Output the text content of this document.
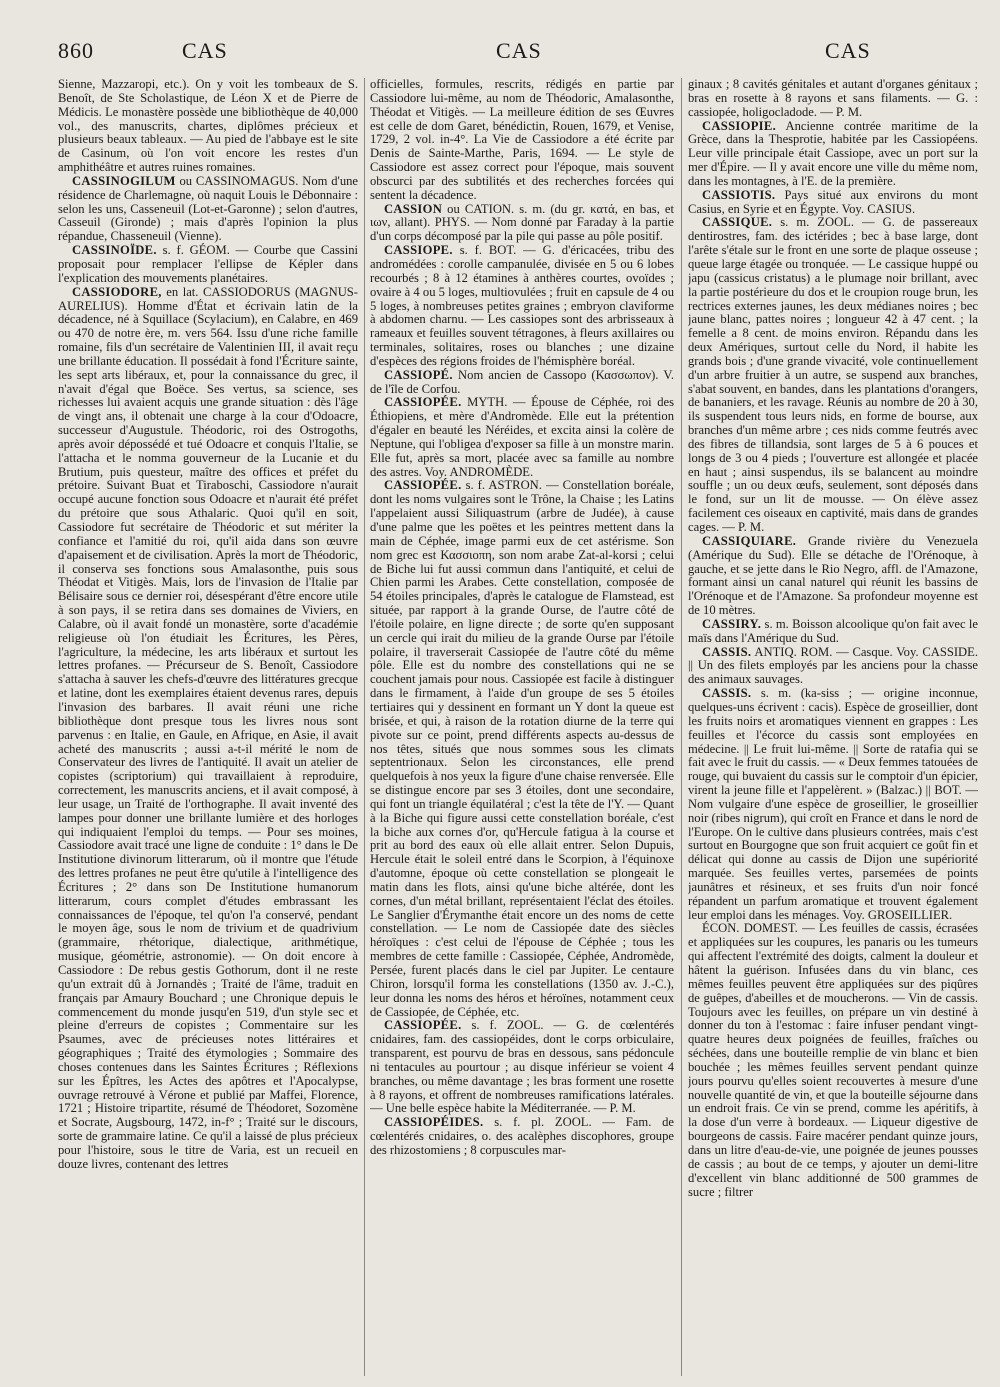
860	CAS	CAS	CAS

Sienne, Mazzaropi, etc.). On y voit les tombeaux de S. Benoît, de Ste Scholastique, de Léon X et de Pierre de Médicis. Le monastère possède une bibliothèque de 40,000 vol., des manuscrits, chartes, diplômes précieux et plusieurs beaux tableaux. — Au pied de l'abbaye est le site de Casinum, où l'on voit encore les restes d'un amphithéâtre et autres ruines romaines.

CASSINOGILUM ou CASSINOMAGUS. Nom d'une résidence de Charlemagne, où naquit Louis le Débonnaire : selon les uns, Casseneuil (Lot-et-Garonne) ; selon d'autres, Casseuil (Gironde) ; mais d'après l'opinion la plus répandue, Chasseneuil (Vienne).

CASSINOÏDE. s. f. GÉOM. — Courbe que Cassini proposait pour remplacer l'ellipse de Képler dans l'explication des mouvements planétaires.

CASSIODORE, en lat. CASSIODORUS (MAGNUS-AURELIUS). Homme d'État et écrivain latin de la décadence, né à Squillace (Scylacium), en Calabre, en 469 ou 470 de notre ère, m. vers 564. Issu d'une riche famille romaine, fils d'un secrétaire de Valentinien III, il avait reçu une brillante éducation. Il possédait à fond l'Écriture sainte, les sept arts libéraux, et, pour la connaissance du grec, il n'avait d'égal que Boëce. Ses vertus, sa science, ses richesses lui avaient acquis une grande situation : dès l'âge de vingt ans, il obtenait une charge à la cour d'Odoacre, successeur d'Augustule. Théodoric, roi des Ostrogoths, après avoir dépossédé et tué Odoacre et conquis l'Italie, se l'attacha et le nomma gouverneur de la Lucanie et du Brutium, puis questeur, maître des offices et préfet du prétoire. Suivant Buat et Tiraboschi, Cassiodore n'aurait occupé aucune fonction sous Odoacre et n'aurait été préfet du prétoire que sous Athalaric. Quoi qu'il en soit, Cassiodore fut secrétaire de Théodoric et sut mériter la confiance et l'amitié du roi, qu'il aida dans son œuvre d'apaisement et de civilisation. Après la mort de Théodoric, il conserva ses fonctions sous Amalasonthe, puis sous Théodat et Vitigès. Mais, lors de l'invasion de l'Italie par Bélisaire sous ce dernier roi, désespérant d'être encore utile à son pays, il se retira dans ses domaines de Viviers, en Calabre, où il avait fondé un monastère, sorte d'académie religieuse où l'on étudiait les Écritures, les Pères, l'agriculture, la médecine, les arts libéraux et surtout les lettres profanes. — Précurseur de S. Benoît, Cassiodore s'attacha à sauver les chefs-d'œuvre des littératures grecque et latine, dont les exemplaires étaient devenus rares, depuis l'invasion des barbares. Il avait réuni une riche bibliothèque dont presque tous les livres nous sont parvenus : en Italie, en Gaule, en Afrique, en Asie, il avait acheté des manuscrits ; aussi a-t-il mérité le nom de Conservateur des livres de l'antiquité. Il avait un atelier de copistes (scriptorium) qui travaillaient à reproduire, correctement, les manuscrits anciens, et il avait composé, à leur usage, un Traité de l'orthographe. Il avait inventé des lampes pour donner une brillante lumière et des horloges qui indiquaient l'emploi du temps. — Pour ses moines, Cassiodore avait tracé une ligne de conduite : 1° dans le De Institutione divinorum litterarum, où il montre que l'étude des lettres profanes ne peut être qu'utile à l'intelligence des Écritures ; 2° dans son De Institutione humanorum litterarum, cours complet d'études embrassant les connaissances de l'époque, tel qu'on l'a conservé, pendant le moyen âge, sous le nom de trivium et de quadrivium (grammaire, rhétorique, dialectique, arithmétique, musique, géométrie, astronomie). — On doit encore à Cassiodore : De rebus gestis Gothorum, dont il ne reste qu'un extrait dû à Jornandès ; Traité de l'âme, traduit en français par Amaury Bouchard ; une Chronique depuis le commencement du monde jusqu'en 519, d'un style sec et pleine d'erreurs de copistes ; Commentaire sur les Psaumes, avec de précieuses notes littéraires et géographiques ; Traité des étymologies ; Sommaire des choses contenues dans les Saintes Écritures ; Réflexions sur les Épîtres, les Actes des apôtres et l'Apocalypse, ouvrage retrouvé à Vérone et publié par Maffei, Florence, 1721 ; Histoire tripartite, résumé de Théodoret, Sozomène et Socrate, Augsbourg, 1472, in-f° ; Traité sur le discours, sorte de grammaire latine. Ce qu'il a laissé de plus précieux pour l'histoire, sous le titre de Varia, est un recueil en douze livres, contenant des lettres

officielles, formules, rescrits, rédigés en partie par Cassiodore lui-même, au nom de Théodoric, Amalasonthe, Théodat et Vitigès. — La meilleure édition de ses Œuvres est celle de dom Garet, bénédictin, Rouen, 1679, et Venise, 1729, 2 vol. in-4°. La Vie de Cassiodore a été écrite par Denis de Sainte-Marthe, Paris, 1694. — Le style de Cassiodore est assez correct pour l'époque, mais souvent obscurci par des subtilités et des recherches forcées qui sentent la décadence.

CASSION ou CATION. s. m. (du gr. κατά, en bas, et ιων, allant). PHYS. — Nom donné par Faraday à la partie d'un corps décomposé par la pile qui passe au pôle positif.

CASSIOPE. s. f. BOT. — G. d'éricacées, tribu des andromédées : corolle campanulée, divisée en 5 ou 6 lobes recourbés ; 8 à 12 étamines à anthères courtes, ovoïdes ; ovaire à 4 ou 5 loges, multiovulées ; fruit en capsule de 4 ou 5 loges, à nombreuses petites graines ; embryon claviforme à abdomen charnu. — Les cassiopes sont des arbrisseaux à rameaux et feuilles souvent tétragones, à fleurs axillaires ou terminales, solitaires, roses ou blanches ; une dizaine d'espèces des régions froides de l'hémisphère boréal.

CASSIOPÉ. Nom ancien de Cassopo (Κασσωπον). V. de l'île de Corfou.

CASSIOPÉE. MYTH. — Épouse de Céphée, roi des Éthiopiens, et mère d'Andromède. Elle eut la prétention d'égaler en beauté les Néréides, et excita ainsi la colère de Neptune, qui l'obligea d'exposer sa fille à un monstre marin. Elle fut, après sa mort, placée avec sa famille au nombre des astres. Voy. ANDROMÈDE.

CASSIOPÉE. s. f. ASTRON. — Constellation boréale, dont les noms vulgaires sont le Trône, la Chaise ; les Latins l'appelaient aussi Siliquastrum (arbre de Judée), à cause d'une palme que les poëtes et les peintres mettent dans la main de Céphée, image parmi eux de cet astérisme. Son nom grec est Κασσιοπη, son nom arabe Zat-al-korsi ; celui de Biche lui fut aussi commun dans l'antiquité, et celui de Chien parmi les Arabes. Cette constellation, composée de 54 étoiles principales, d'après le catalogue de Flamstead, est située, par rapport à la grande Ourse, de l'autre côté de l'étoile polaire, en ligne directe ; de sorte qu'en supposant un cercle qui irait du milieu de la grande Ourse par l'étoile polaire, il traverserait Cassiopée de l'autre côté du même pôle. Elle est du nombre des constellations qui ne se couchent jamais pour nous. Cassiopée est facile à distinguer dans le firmament, à l'aide d'un groupe de ses 5 étoiles tertiaires qui y dessinent en formant un Y dont la queue est brisée, et qui, à raison de la rotation diurne de la terre qui pivote sur ce point, prend différents aspects au-dessus de nos têtes, situés que nous sommes sous les climats septentrionaux. Selon les circonstances, elle prend quelquefois à nos yeux la figure d'une chaise renversée. Elle se distingue encore par ses 3 étoiles, dont une secondaire, qui font un triangle équilatéral ; c'est la tête de l'Y. — Quant à la Biche qui figure aussi cette constellation boréale, c'est la biche aux cornes d'or, qu'Hercule fatigua à la course et prit au bord des eaux où elle allait entrer. Selon Dupuis, Hercule était le soleil entré dans le Scorpion, à l'équinoxe d'automne, époque où cette constellation se plongeait le matin dans les flots, ainsi qu'une biche altérée, dont les cornes, d'un métal brillant, représentaient l'éclat des étoiles. Le Sanglier d'Érymanthe était encore un des noms de cette constellation. — Le nom de Cassiopée date des siècles héroïques : c'est celui de l'épouse de Céphée ; tous les membres de cette famille : Cassiopée, Céphée, Andromède, Persée, furent placés dans le ciel par Jupiter. Le centaure Chiron, lorsqu'il forma les constellations (1350 av. J.-C.), leur donna les noms des héros et héroïnes, notamment ceux de Cassiopée, de Céphée, etc.

CASSIOPÉE. s. f. ZOOL. — G. de cœlentérés cnidaires, fam. des cassiopéides, dont le corps orbiculaire, transparent, est pourvu de bras en dessous, sans pédoncule ni tentacules au pourtour ; au disque inférieur se voient 4 branches, ou même davantage ; les bras forment une rosette à 8 rayons, et offrent de nombreuses ramifications latérales. — Une belle espèce habite la Méditerranée. — P. M.

CASSIOPÉIDES. s. f. pl. ZOOL. — Fam. de cœlentérés cnidaires, o. des acalèphes discophores, groupe des rhizostomiens ; 8 corpuscules mar-

ginaux ; 8 cavités génitales et autant d'organes génitaux ; bras en rosette à 8 rayons et sans filaments. — G. : cassiopée, holigocladode. — P. M.

CASSIOPIE. Ancienne contrée maritime de la Grèce, dans la Thesprotie, habitée par les Cassiopéens. Leur ville principale était Cassiope, avec un port sur la mer d'Épire. — Il y avait encore une ville du même nom, dans les montagnes, à l'E. de la première.

CASSIOTIS. Pays situé aux environs du mont Casius, en Syrie et en Égypte. Voy. CASIUS.

CASSIQUE. s. m. ZOOL. — G. de passereaux dentirostres, fam. des ictérides ; bec à base large, dont l'arête s'étale sur le front en une sorte de plaque osseuse ; queue large étagée ou tronquée. — Le cassique huppé ou japu (cassicus cristatus) a le plumage noir brillant, avec la partie postérieure du dos et le croupion rouge brun, les rectrices externes jaunes, les deux médianes noires ; bec jaune blanc, pattes noires ; longueur 42 à 47 cent. ; la femelle a 8 cent. de moins environ. Répandu dans les deux Amériques, surtout celle du Nord, il habite les grands bois ; d'une grande vivacité, vole continuellement d'un arbre fruitier à un autre, se suspend aux branches, s'abat souvent, en bandes, dans les plantations d'orangers, de bananiers, et les ravage. Réunis au nombre de 20 à 30, ils suspendent tous leurs nids, en forme de bourse, aux branches d'un même arbre ; ces nids comme feutrés avec des fibres de tillandsia, sont larges de 5 à 6 pouces et longs de 3 ou 4 pieds ; l'ouverture est allongée et placée en haut ; ainsi suspendus, ils se balancent au moindre souffle ; un ou deux œufs, seulement, sont déposés dans le fond, sur un lit de mousse. — On élève assez facilement ces oiseaux en captivité, mais dans de grandes cages. — P. M.

CASSIQUIARE. Grande rivière du Venezuela (Amérique du Sud). Elle se détache de l'Orénoque, à gauche, et se jette dans le Rio Negro, affl. de l'Amazone, formant ainsi un canal naturel qui réunit les bassins de l'Orénoque et de l'Amazone. Sa profondeur moyenne est de 10 mètres.

CASSIRY. s. m. Boisson alcoolique qu'on fait avec le maïs dans l'Amérique du Sud.

CASSIS. ANTIQ. ROM. — Casque. Voy. CASSIDE. || Un des filets employés par les anciens pour la chasse des animaux sauvages.

CASSIS. s. m. (ka-siss ; — origine inconnue, quelques-uns écrivent : cacis). Espèce de groseillier, dont les fruits noirs et aromatiques viennent en grappes : Les feuilles et l'écorce du cassis sont employées en médecine. || Le fruit lui-même. || Sorte de ratafia qui se fait avec le fruit du cassis. — « Deux femmes tatouées de rouge, qui buvaient du cassis sur le comptoir d'un épicier, virent la jeune fille et l'appelèrent. » (Balzac.) || BOT. — Nom vulgaire d'une espèce de groseillier, le groseillier noir (ribes nigrum), qui croît en France et dans le nord de l'Europe. On le cultive dans plusieurs contrées, mais c'est surtout en Bourgogne que son fruit acquiert ce goût fin et délicat qui donne au cassis de Dijon une supériorité marquée. Ses feuilles vertes, parsemées de points jaunâtres et résineux, et ses fruits d'un noir foncé répandent un parfum aromatique et trouvent également leur emploi dans les ménages. Voy. GROSEILLIER.

ÉCON. DOMEST. — Les feuilles de cassis, écrasées et appliquées sur les coupures, les panaris ou les tumeurs qui affectent l'extrémité des doigts, calment la douleur et hâtent la guérison. Infusées dans du vin blanc, ces mêmes feuilles peuvent être appliquées sur des piqûres de guêpes, d'abeilles et de moucherons. — Vin de cassis. Toujours avec les feuilles, on prépare un vin destiné à donner du ton à l'estomac : faire infuser pendant vingt-quatre heures deux poignées de feuilles, fraîches ou séchées, dans une bouteille remplie de vin blanc et bien bouchée ; les mêmes feuilles servent pendant quinze jours pourvu qu'elles soient recouvertes à mesure d'une nouvelle quantité de vin, et que la bouteille séjourne dans un endroit frais. Ce vin se prend, comme les apéritifs, à la dose d'un verre à bordeaux. — Liqueur digestive de bourgeons de cassis. Faire macérer pendant quinze jours, dans un litre d'eau-de-vie, une poignée de jeunes pousses de cassis ; au bout de ce temps, y ajouter un demi-litre d'excellent vin blanc additionné de 500 grammes de sucre ; filtrer
